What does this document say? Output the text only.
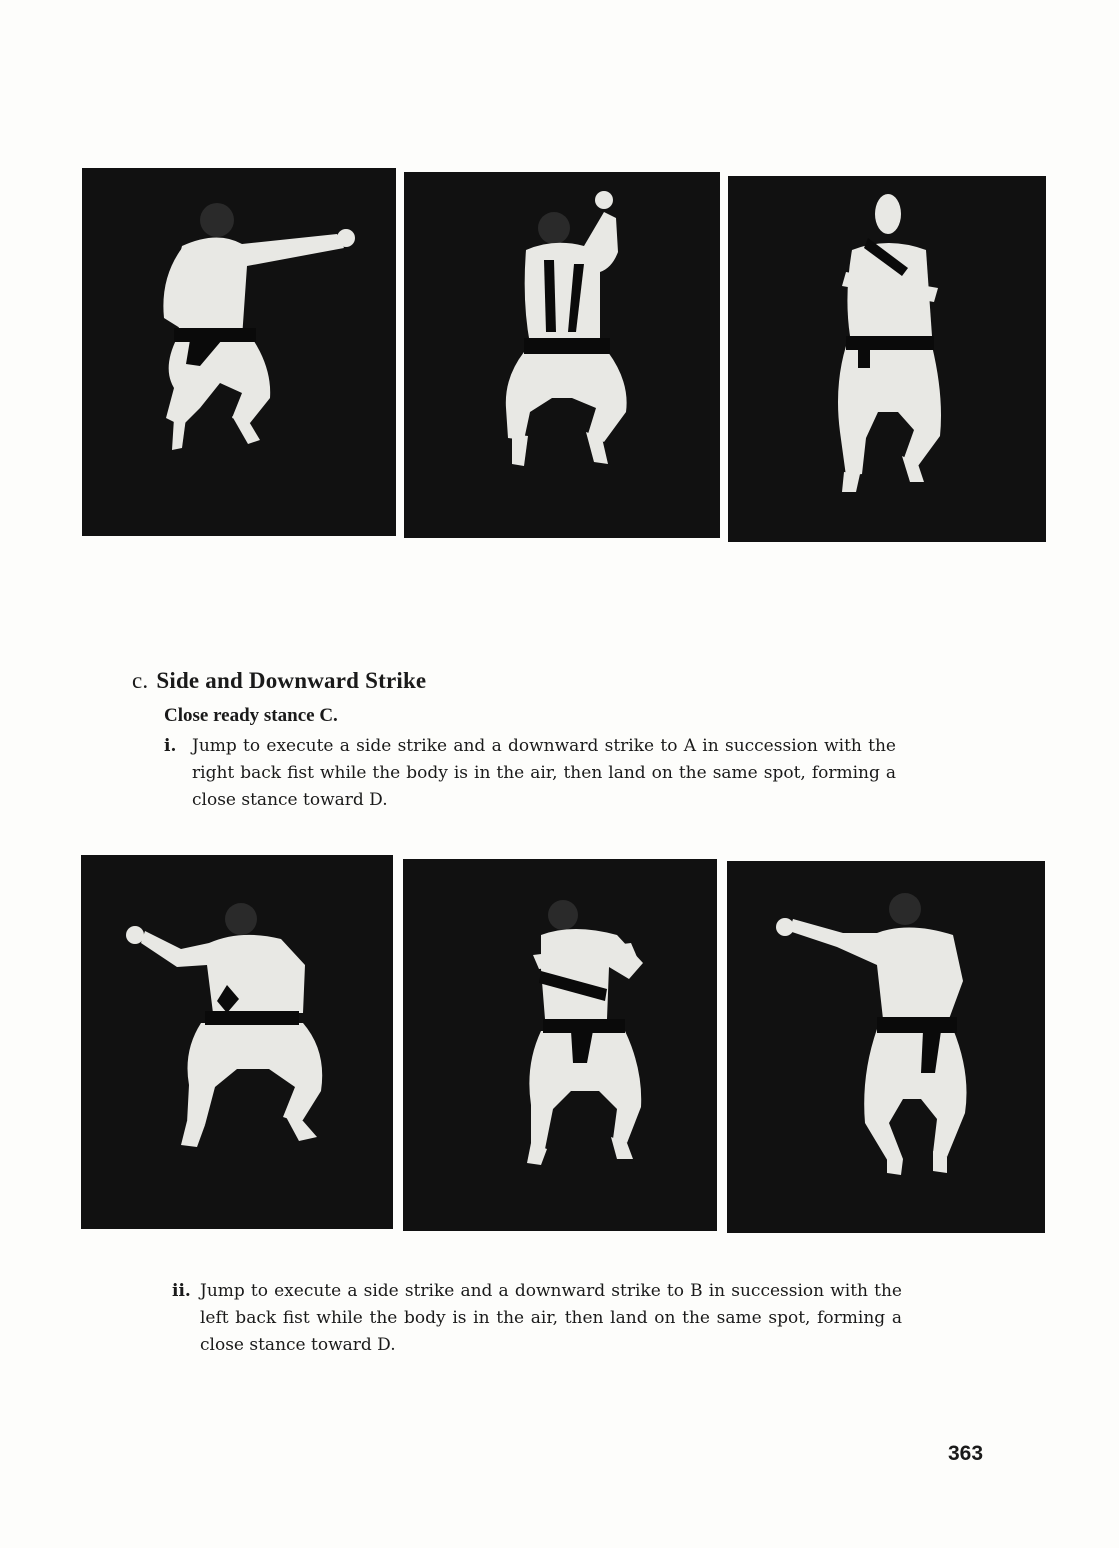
c. Side and Downward Strike
Close ready stance C.
i. Jump to execute a side strike and a downward strike to A in succession with the right back fist while the body is in the air, then land on the same spot, forming a close stance toward D.
ii. Jump to execute a side strike and a downward strike to B in succession with the left back fist while the body is in the air, then land on the same spot, forming a close stance toward D.
363
